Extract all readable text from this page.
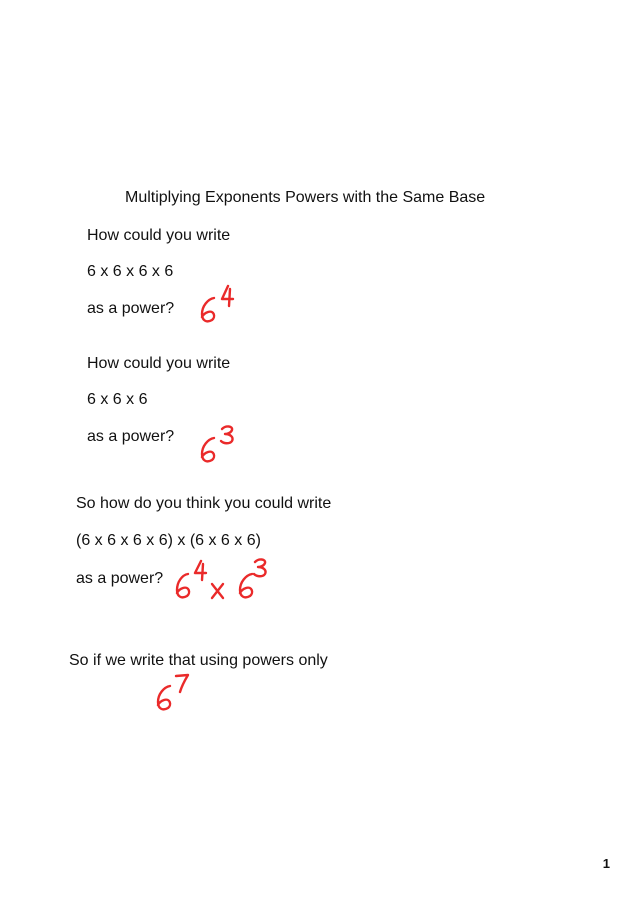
Multiplying Exponents Powers with the Same Base
How could you write
6 x 6 x 6 x 6
as a power?
How could you write
6 x 6 x 6
as a power?
So how do you think you could write
(6 x 6 x 6 x 6) x (6 x 6 x 6)
as a power?
So if we write that using powers only
1
